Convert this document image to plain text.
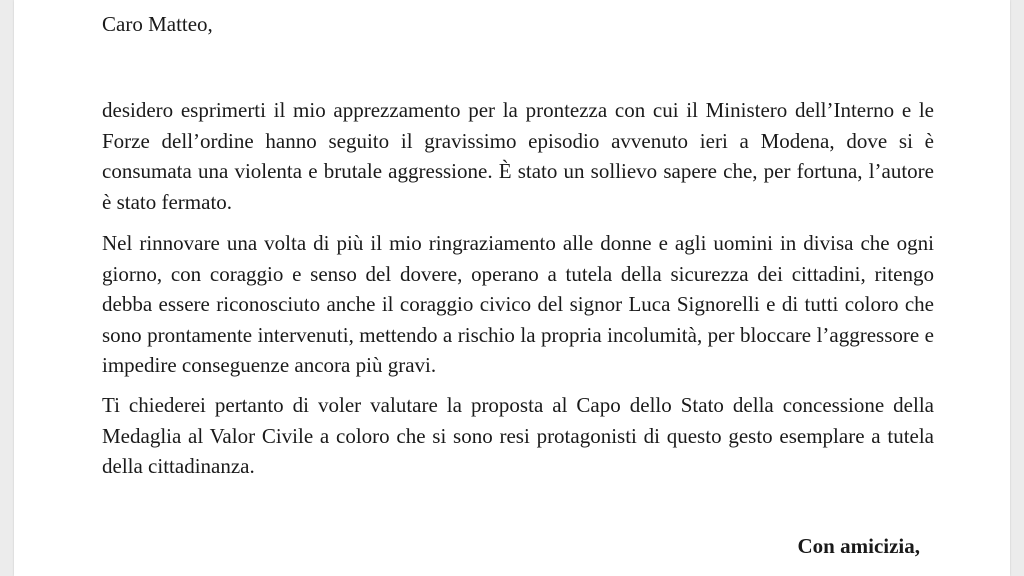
Caro Matteo,

desidero esprimerti il mio apprezzamento per la prontezza con cui il Ministero dell’Interno e le Forze dell’ordine hanno seguito il gravissimo episodio avvenuto ieri a Modena, dove si è consumata una violenta e brutale aggressione. È stato un sollievo sapere che, per fortuna, l’autore è stato fermato.

Nel rinnovare una volta di più il mio ringraziamento alle donne e agli uomini in divisa che ogni giorno, con coraggio e senso del dovere, operano a tutela della sicurezza dei cittadini, ritengo debba essere riconosciuto anche il coraggio civico del signor Luca Signorelli e di tutti coloro che sono prontamente intervenuti, mettendo a rischio la propria incolumità, per bloccare l’aggressore e impedire conseguenze ancora più gravi.

Ti chiederei pertanto di voler valutare la proposta al Capo dello Stato della concessione della Medaglia al Valor Civile a coloro che si sono resi protagonisti di questo gesto esemplare a tutela della cittadinanza.

Con amicizia,
